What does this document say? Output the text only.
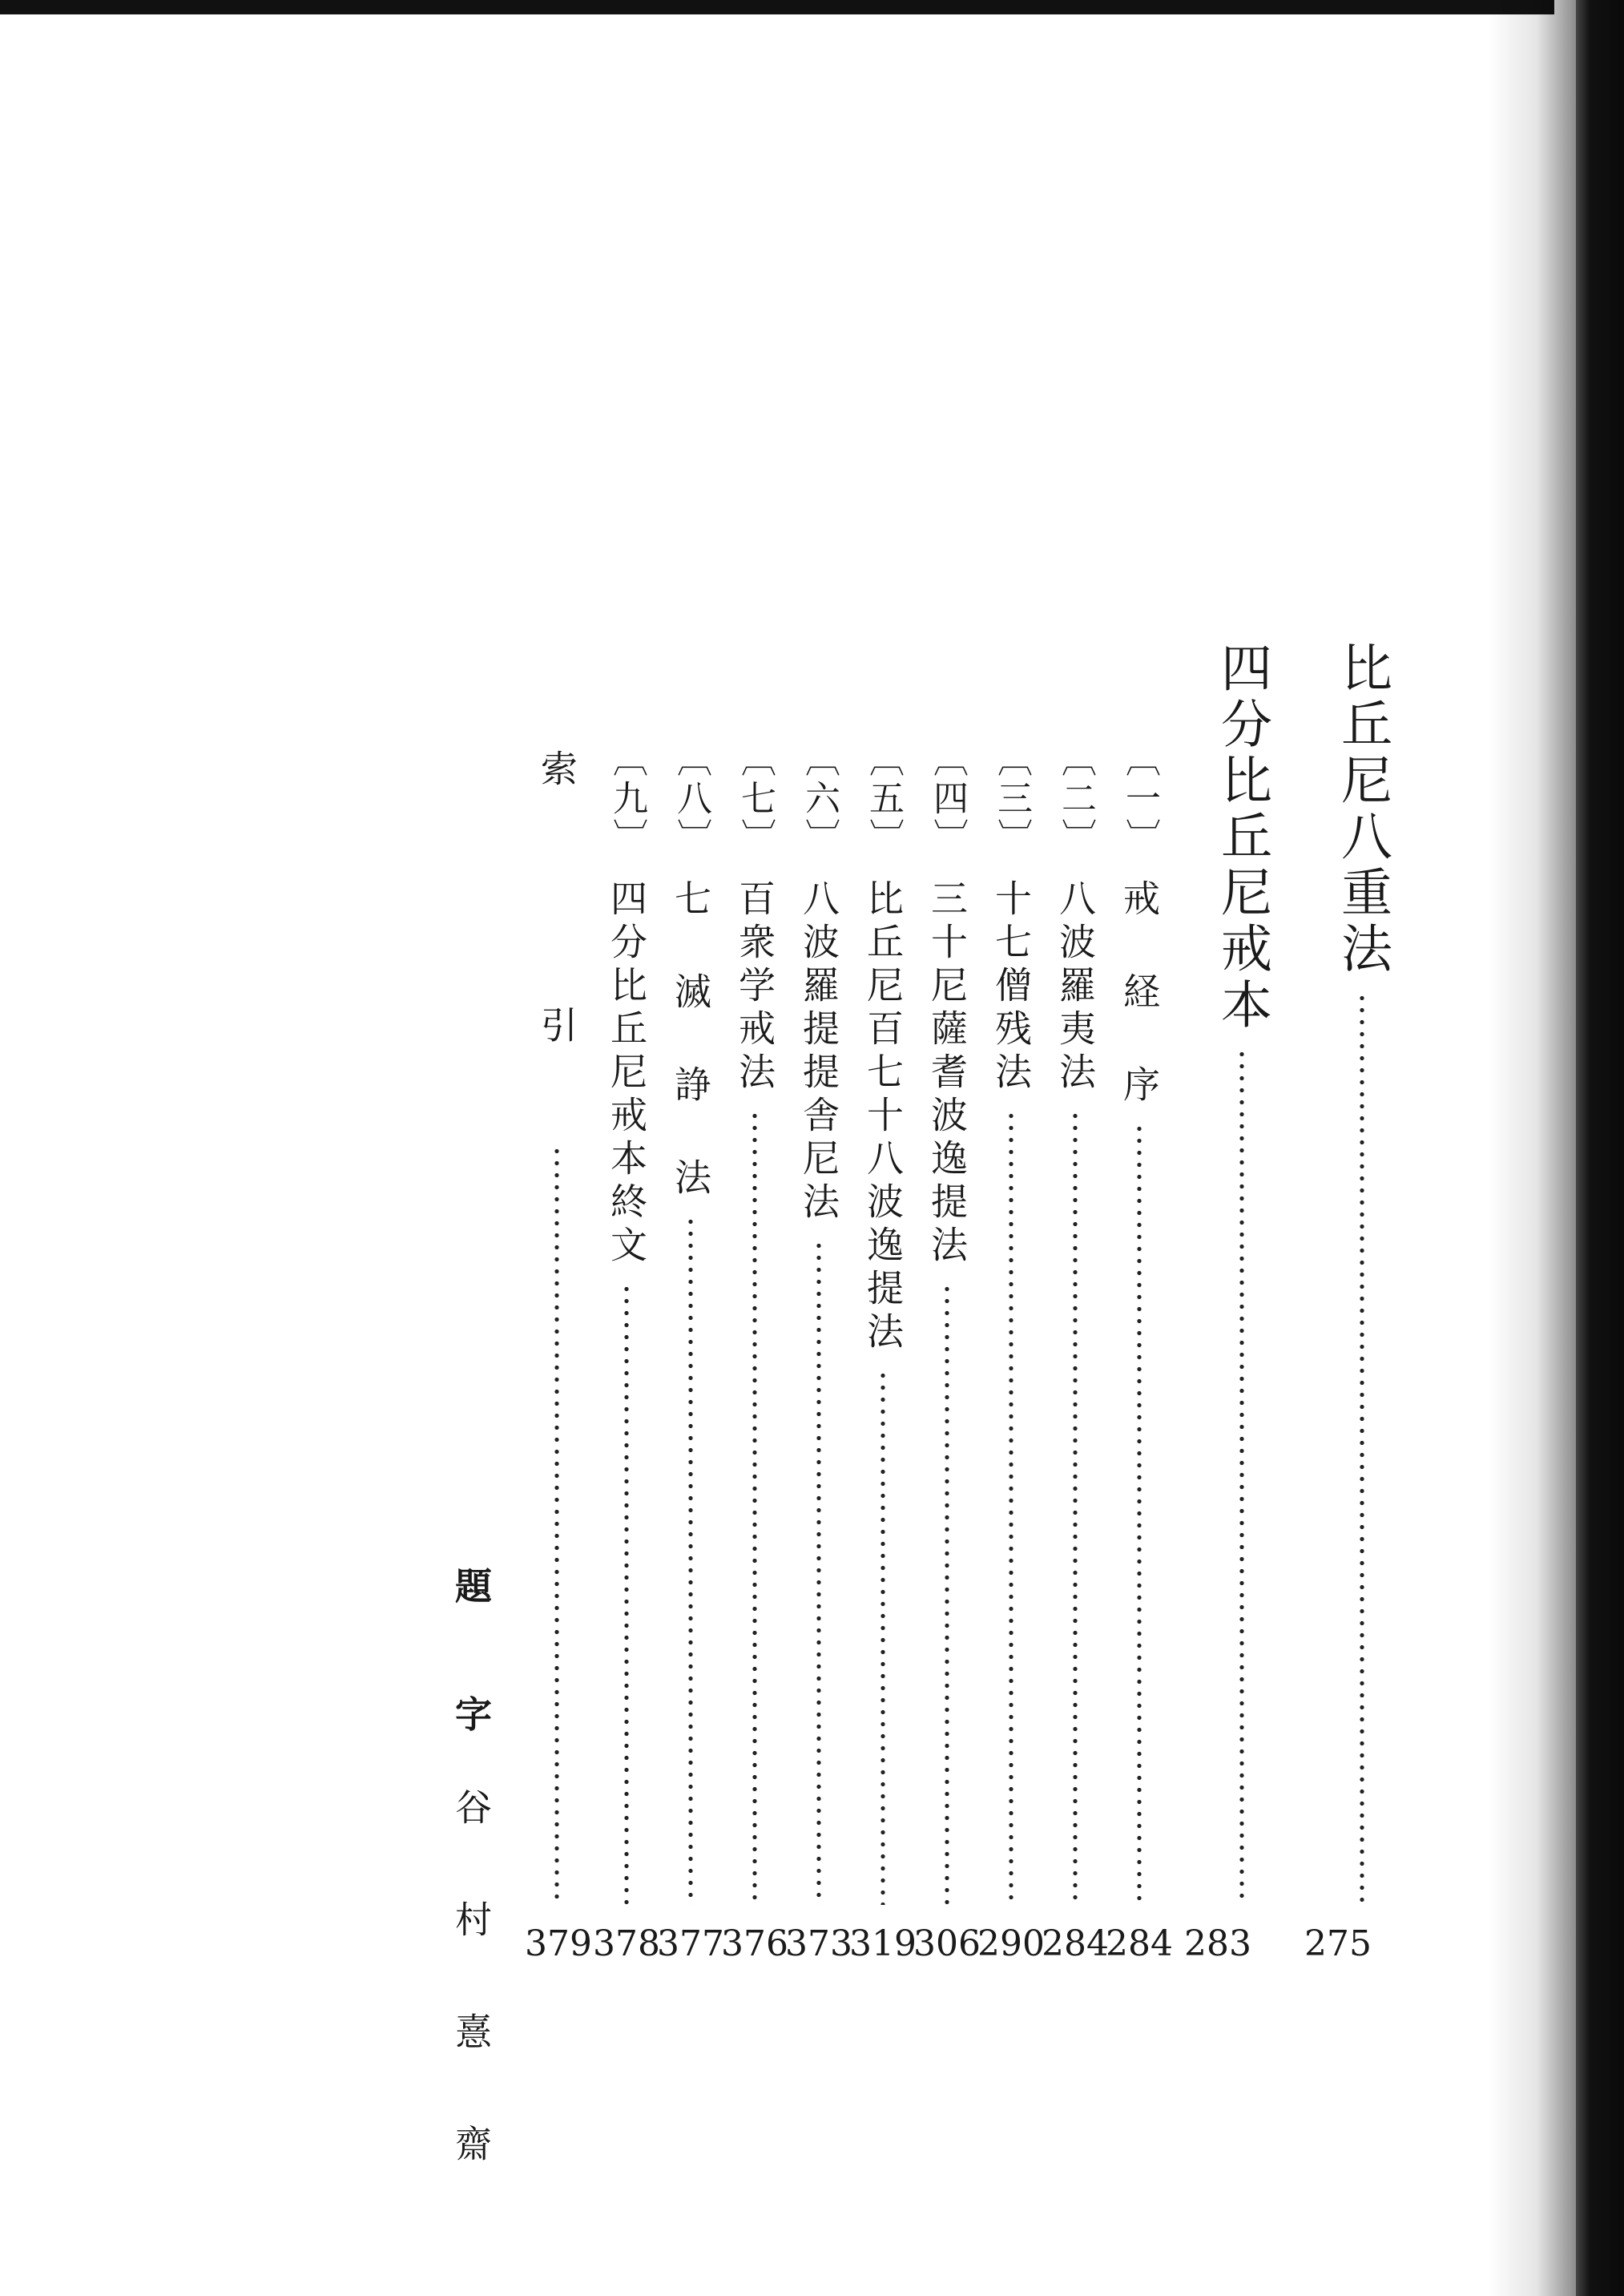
比丘尼八重法
275
四分比丘尼戒本
283
〔一〕
戒 経 序
284
〔二〕
八波羅夷法
284
〔三〕
十七僧残法
290
〔四〕
三十尼薩耆波逸提法
306
〔五〕
比丘尼百七十八波逸提法
319
〔六〕
八波羅提提舎尼法
373
〔七〕
百衆学戒法
376
〔八〕
七 滅 諍 法
377
〔九〕
四分比丘尼戒本終文
378
索 引
379
題 字
谷 村 憙 齋
